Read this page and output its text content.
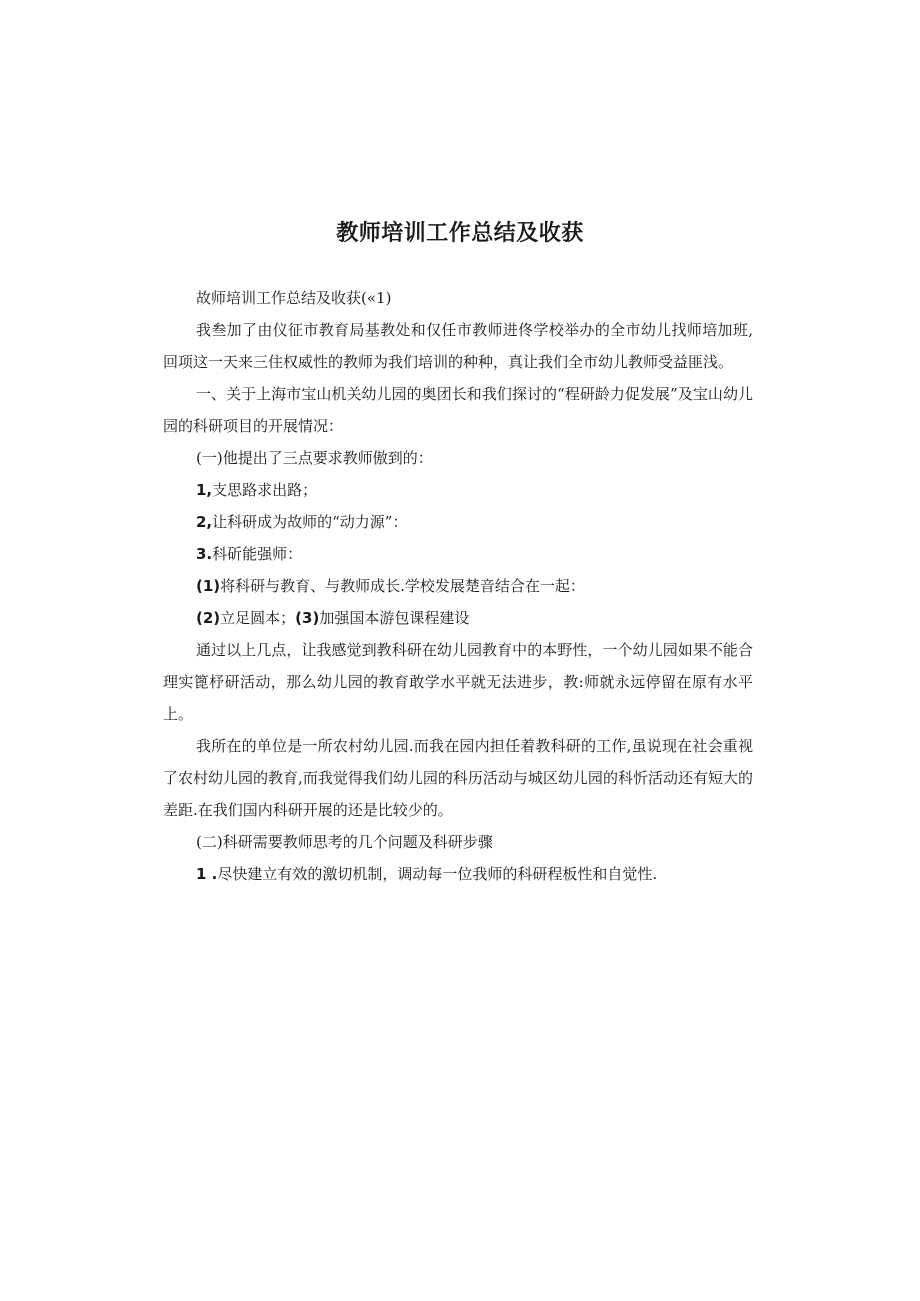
教师培训工作总结及收获

故师培训工作总结及收获(«1)

我叁加了由仪征市教育局基教处和仅任市教师进佟学校举办的全市幼儿找师培加班,回项这一天来三住权威性的教师为我们培训的种种，真让我们全市幼儿教师受益匪浅。

一、关于上海市宝山机关幼儿园的奥团长和我们探讨的“程研龄力促发展”及宝山幼儿园的科研项目的开展情况：

(一)他提出了三点要求教师傲到的：

1,支思路求出路；

2,让科研成为故师的“动力源”：

3.科斫能强师：

(1)将科研与教育、与教师成长.学校发展楚音结合在一起：

(2)立足圆本；(3)加强国本游包课程建设

通过以上几点，让我感觉到教科研在幼儿园教育中的本野性，一个幼儿园如果不能合理实篦杼研活动，那么幼儿园的教育敢学水平就无法进步，教:师就永远停留在原有水平上。

我所在的单位是一所农村幼儿园.而我在园内担任着教科研的工作,虽说现在社会重视了农村幼儿园的教育,而我觉得我们幼儿园的科历活动与城区幼儿园的科忻活动还有短大的差距.在我们国内科研开展的还是比较少的。

(二)科研需要教师思考的几个问题及科研步骤

1 .尽快建立有效的激切机制，调动每一位我师的科研程板性和自觉性.
